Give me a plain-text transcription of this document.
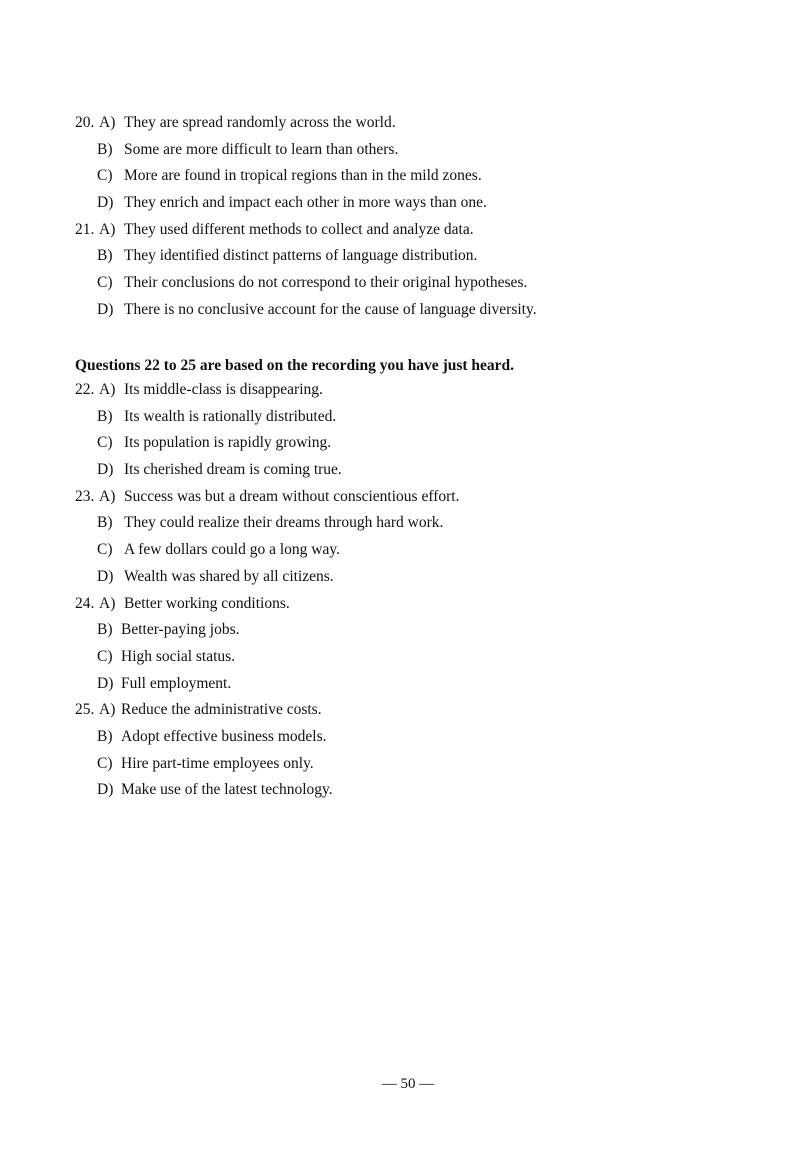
20. A) They are spread randomly across the world.
B) Some are more difficult to learn than others.
C) More are found in tropical regions than in the mild zones.
D) They enrich and impact each other in more ways than one.
21. A) They used different methods to collect and analyze data.
B) They identified distinct patterns of language distribution.
C) Their conclusions do not correspond to their original hypotheses.
D) There is no conclusive account for the cause of language diversity.
Questions 22 to 25 are based on the recording you have just heard.
22. A) Its middle-class is disappearing.
B) Its wealth is rationally distributed.
C) Its population is rapidly growing.
D) Its cherished dream is coming true.
23. A) Success was but a dream without conscientious effort.
B) They could realize their dreams through hard work.
C) A few dollars could go a long way.
D) Wealth was shared by all citizens.
24. A) Better working conditions.
B) Better-paying jobs.
C) High social status.
D) Full employment.
25. A) Reduce the administrative costs.
B) Adopt effective business models.
C) Hire part-time employees only.
D) Make use of the latest technology.
— 50 —
